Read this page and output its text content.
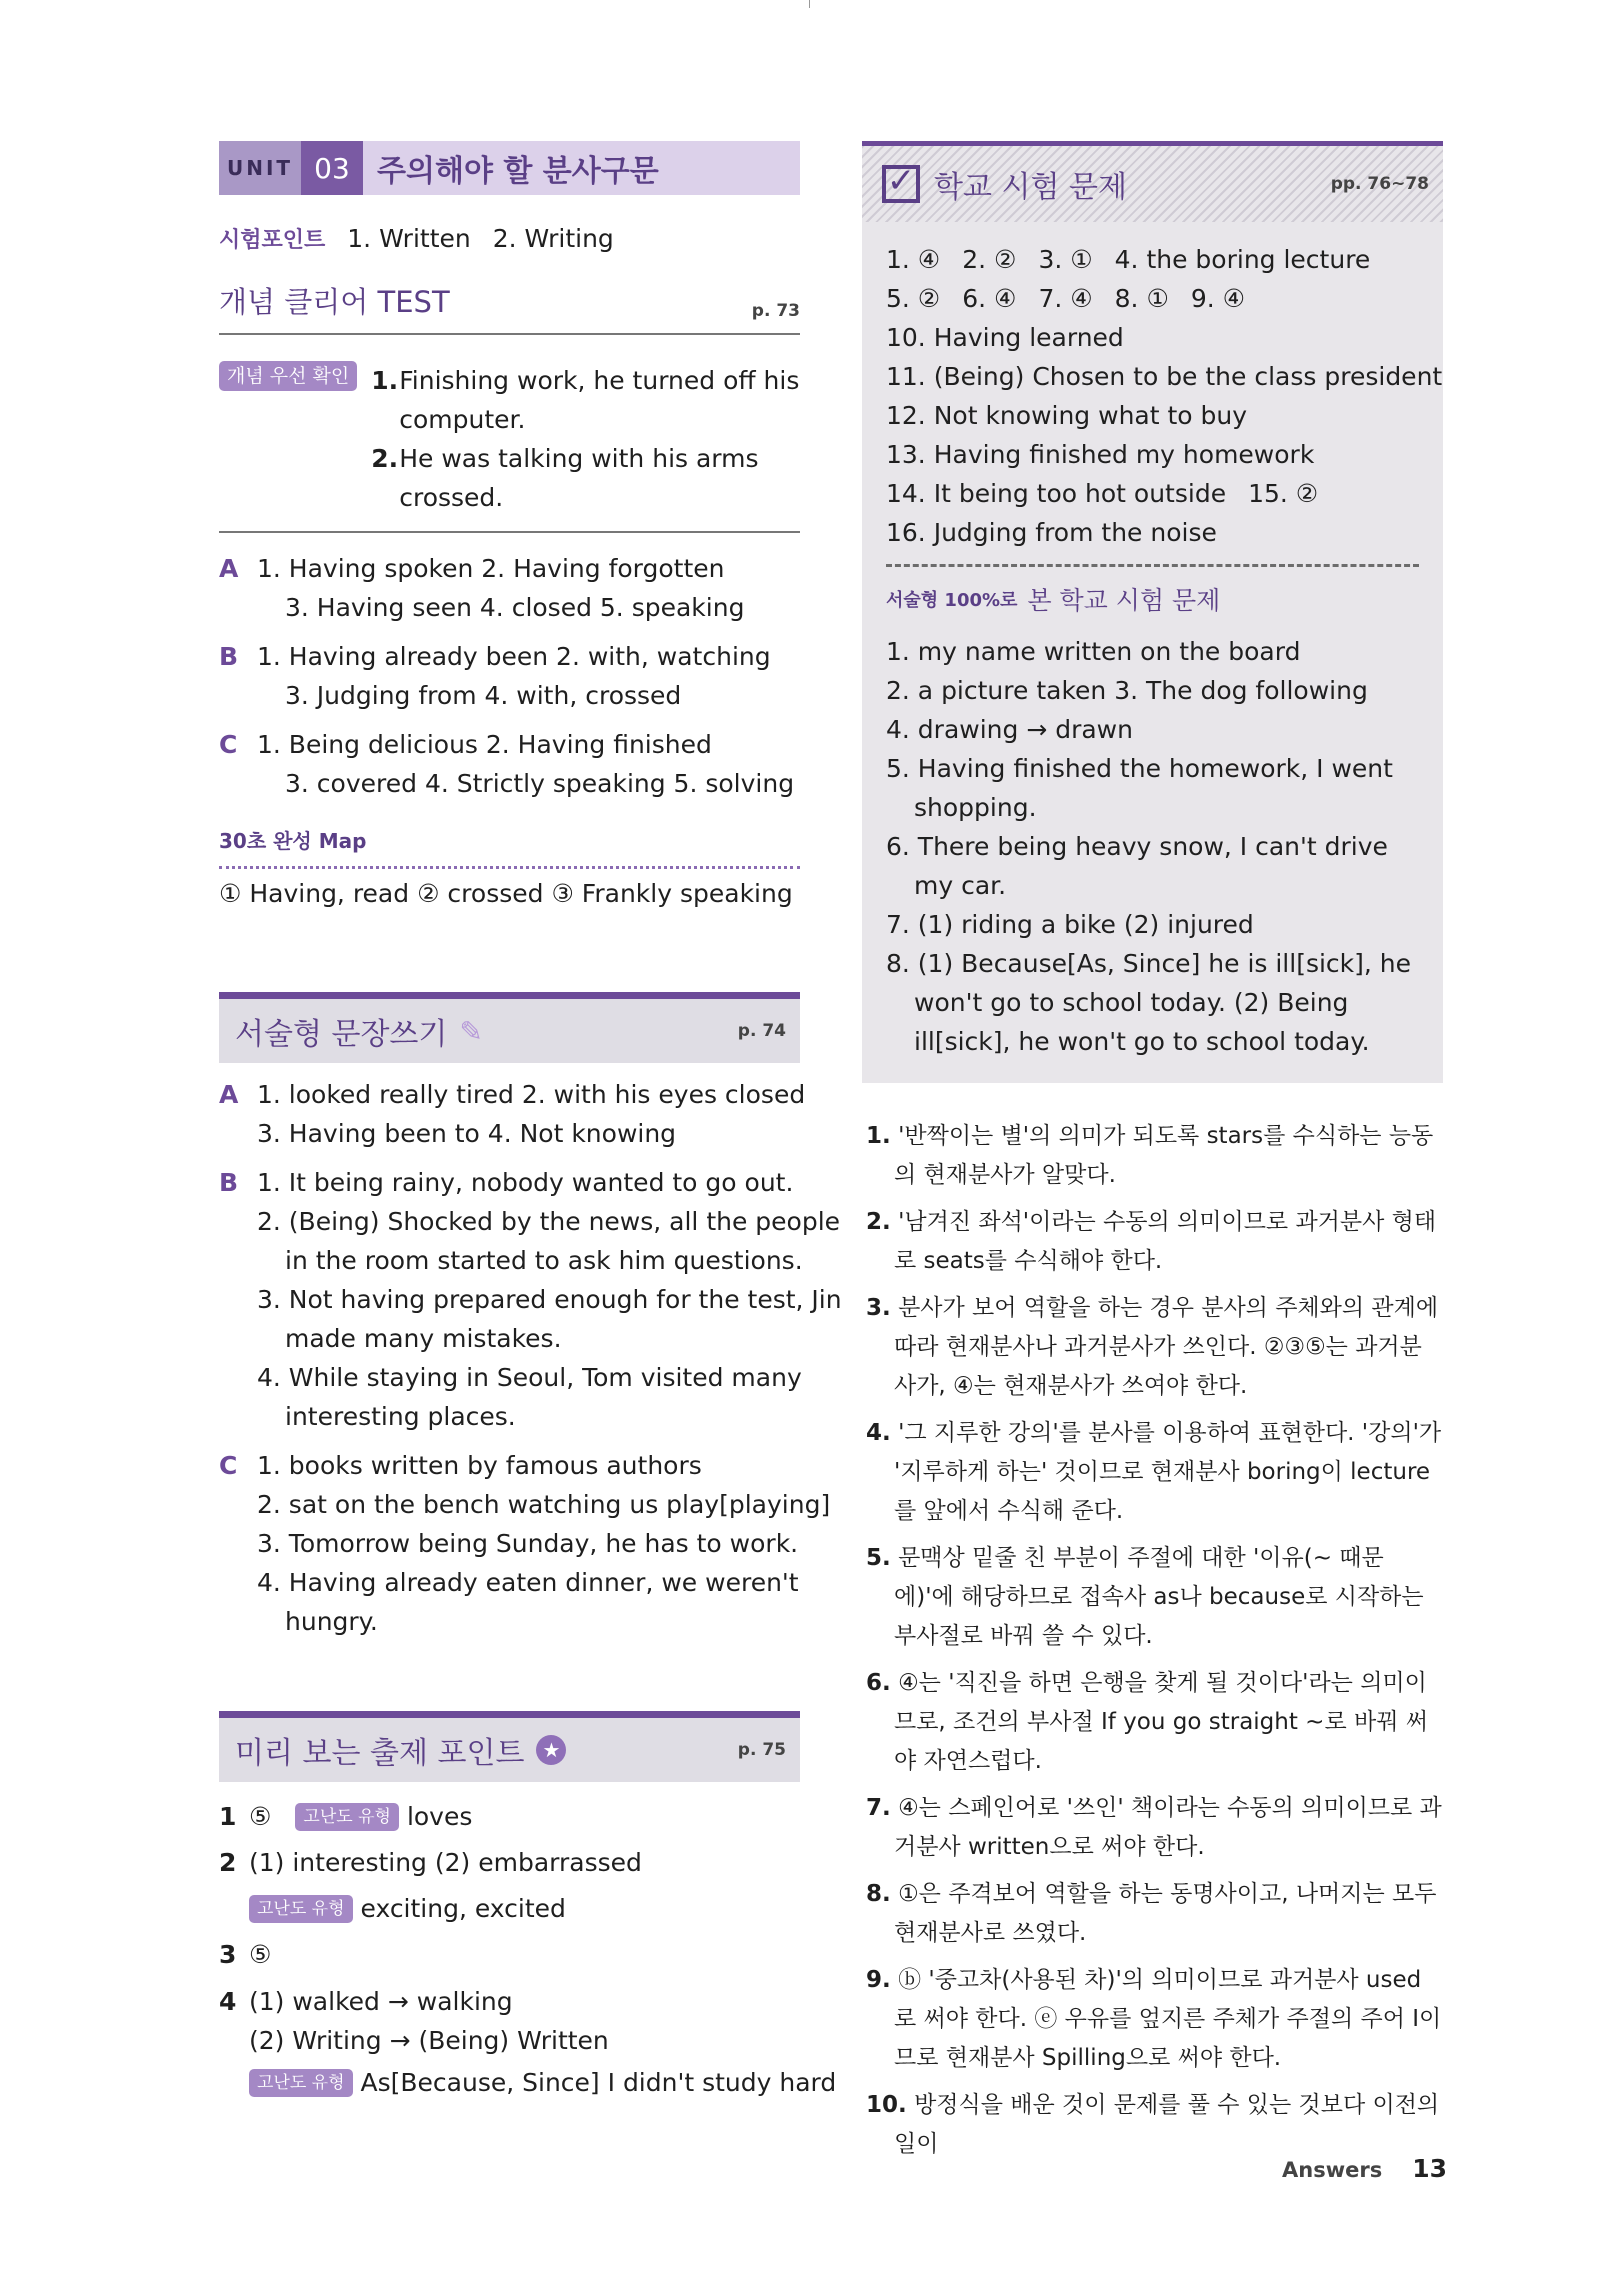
UNIT 03 주의해야 할 분사구문
시험포인트 1. Written 2. Writing
개념 클리어 TEST	p. 73
개념 우선 확인 1. Finishing work, he turned off his
computer.
2. He was talking with his arms
crossed.
A 1. Having spoken 2. Having forgotten
3. Having seen 4. closed 5. speaking
B 1. Having already been 2. with, watching
3. Judging from 4. with, crossed
C 1. Being delicious 2. Having finished
3. covered 4. Strictly speaking 5. solving
30초 완성 Map
① Having, read ② crossed ③ Frankly speaking
서술형 문장쓰기 ✎	p. 74
A 1. looked really tired 2. with his eyes closed
3. Having been to 4. Not knowing
B 1. It being rainy, nobody wanted to go out.
2. (Being) Shocked by the news, all the people
in the room started to ask him questions.
3. Not having prepared enough for the test, Jin
made many mistakes.
4. While staying in Seoul, Tom visited many
interesting places.
C 1. books written by famous authors
2. sat on the bench watching us play[playing]
3. Tomorrow being Sunday, he has to work.
4. Having already eaten dinner, we weren't
hungry.
미리 보는 출제 포인트 ★	p. 75
1 ⑤	고난도 유형 loves
2 (1) interesting (2) embarrassed
고난도 유형 exciting, excited
3 ⑤
4 (1) walked → walking
(2) Writing → (Being) Written
고난도 유형 As[Because, Since] I didn't study hard
✓ 학교 시험 문제	pp. 76~78
1. ④ 2. ② 3. ① 4. the boring lecture
5. ② 6. ④ 7. ④ 8. ① 9. ④
10. Having learned
11. (Being) Chosen to be the class president
12. Not knowing what to buy
13. Having finished my homework
14. It being too hot outside 15. ②
16. Judging from the noise
서술형 100%로 본 학교 시험 문제
1. my name written on the board
2. a picture taken 3. The dog following
4. drawing → drawn
5. Having finished the homework, I went shopping.
6. There being heavy snow, I can't drive my car.
7. (1) riding a bike (2) injured
8. (1) Because[As, Since] he is ill[sick], he won't go to school today. (2) Being ill[sick], he won't go to school today.
1. '반짝이는 별'의 의미가 되도록 stars를 수식하는 능동의 현재분사가 알맞다.
2. '남겨진 좌석'이라는 수동의 의미이므로 과거분사 형태로 seats를 수식해야 한다.
3. 분사가 보어 역할을 하는 경우 분사의 주체와의 관계에 따라 현재분사나 과거분사가 쓰인다. ②③⑤는 과거분사가, ④는 현재분사가 쓰여야 한다.
4. '그 지루한 강의'를 분사를 이용하여 표현한다. '강의'가 '지루하게 하는' 것이므로 현재분사 boring이 lecture를 앞에서 수식해 준다.
5. 문맥상 밑줄 친 부분이 주절에 대한 '이유(~ 때문에)'에 해당하므로 접속사 as나 because로 시작하는 부사절로 바꿔 쓸 수 있다.
6. ④는 '직진을 하면 은행을 찾게 될 것이다'라는 의미이므로, 조건의 부사절 If you go straight ~로 바꿔 써야 자연스럽다.
7. ④는 스페인어로 '쓰인' 책이라는 수동의 의미이므로 과거분사 written으로 써야 한다.
8. ①은 주격보어 역할을 하는 동명사이고, 나머지는 모두 현재분사로 쓰였다.
9. ⓑ '중고차(사용된 차)'의 의미이므로 과거분사 used로 써야 한다. ⓔ 우유를 엎지른 주체가 주절의 주어 I이므로 현재분사 Spilling으로 써야 한다.
10. 방정식을 배운 것이 문제를 풀 수 있는 것보다 이전의 일이
Answers 13
